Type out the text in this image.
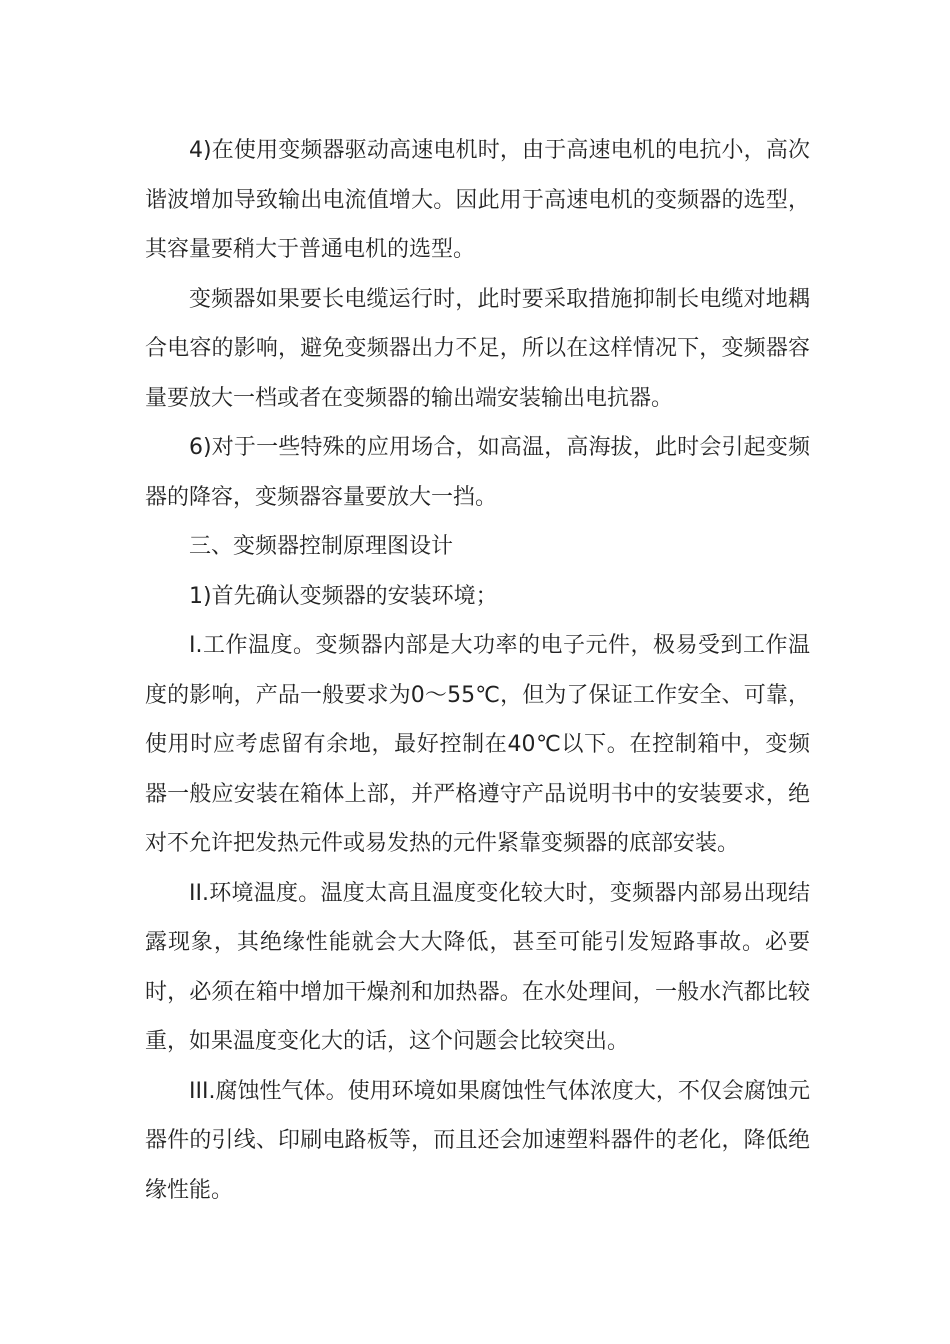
4)在使用变频器驱动高速电机时，由于高速电机的电抗小，高次谐波增加导致输出电流值增大。因此用于高速电机的变频器的选型，其容量要稍大于普通电机的选型。

变频器如果要长电缆运行时，此时要采取措施抑制长电缆对地耦合电容的影响，避免变频器出力不足，所以在这样情况下，变频器容量要放大一档或者在变频器的输出端安装输出电抗器。

6)对于一些特殊的应用场合，如高温，高海拔，此时会引起变频器的降容，变频器容量要放大一挡。

三、变频器控制原理图设计

1)首先确认变频器的安装环境；

I.工作温度。变频器内部是大功率的电子元件，极易受到工作温度的影响，产品一般要求为0～55℃，但为了保证工作安全、可靠，使用时应考虑留有余地，最好控制在40℃以下。在控制箱中，变频器一般应安装在箱体上部，并严格遵守产品说明书中的安装要求，绝对不允许把发热元件或易发热的元件紧靠变频器的底部安装。

II.环境温度。温度太高且温度变化较大时，变频器内部易出现结露现象，其绝缘性能就会大大降低，甚至可能引发短路事故。必要时，必须在箱中增加干燥剂和加热器。在水处理间，一般水汽都比较重，如果温度变化大的话，这个问题会比较突出。

III.腐蚀性气体。使用环境如果腐蚀性气体浓度大，不仅会腐蚀元器件的引线、印刷电路板等，而且还会加速塑料器件的老化，降低绝缘性能。
